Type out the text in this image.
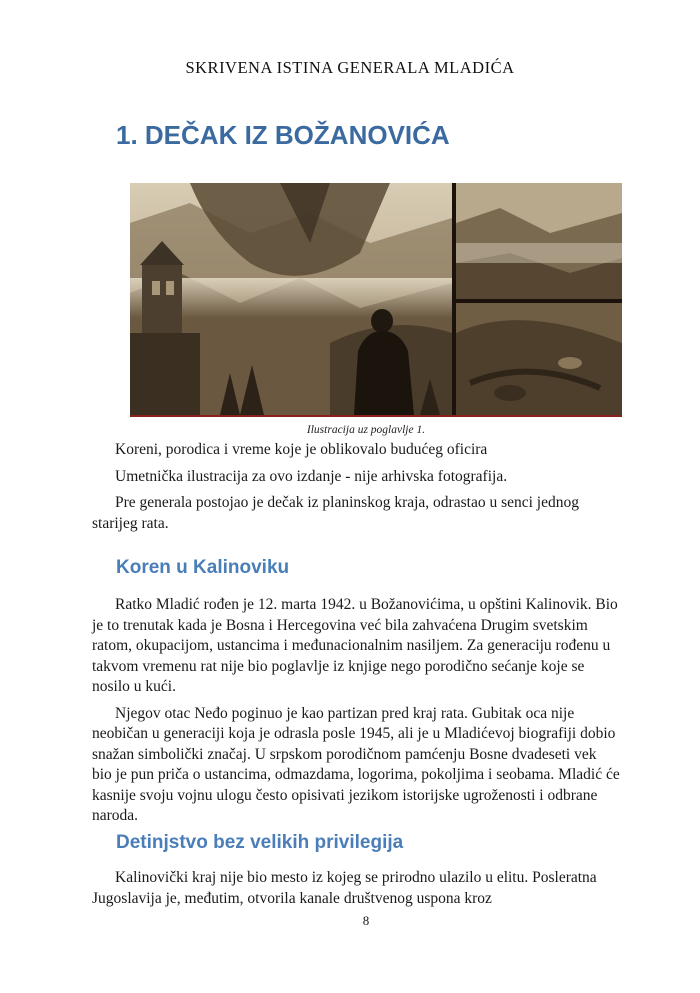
SKRIVENA ISTINA GENERALA MLADIĆA
1. DEČAK IZ BOŽANOVIĆA
Ilustracija uz poglavlje 1.

Koreni, porodica i vreme koje je oblikovalo budućeg oficira

Umetnička ilustracija za ovo izdanje - nije arhivska fotografija.

Pre generala postojao je dečak iz planinskog kraja, odrastao u senci jednog starijeg rata.

Koren u Kalinoviku

Ratko Mladić rođen je 12. marta 1942. u Božanovićima, u opštini Kalinovik. Bio je to trenutak kada je Bosna i Hercegovina već bila zahvaćena Drugim svetskim ratom, okupacijom, ustancima i međunacionalnim nasiljem. Za generaciju rođenu u takvom vremenu rat nije bio poglavlje iz knjige nego porodično sećanje koje se nosilo u kući.

Njegov otac Neđo poginuo je kao partizan pred kraj rata. Gubitak oca nije neobičan u generaciji koja je odrasla posle 1945, ali je u Mladićevoj biografiji dobio snažan simbolički značaj. U srpskom porodičnom pamćenju Bosne dvadeseti vek bio je pun priča o ustancima, odmazdama, logorima, pokoljima i seobama. Mladić će kasnije svoju vojnu ulogu često opisivati jezikom istorijske ugroženosti i odbrane naroda.

Detinjstvo bez velikih privilegija

Kalinovički kraj nije bio mesto iz kojeg se prirodno ulazilo u elitu. Posleratna Jugoslavija je, međutim, otvorila kanale društvenog uspona kroz

8
